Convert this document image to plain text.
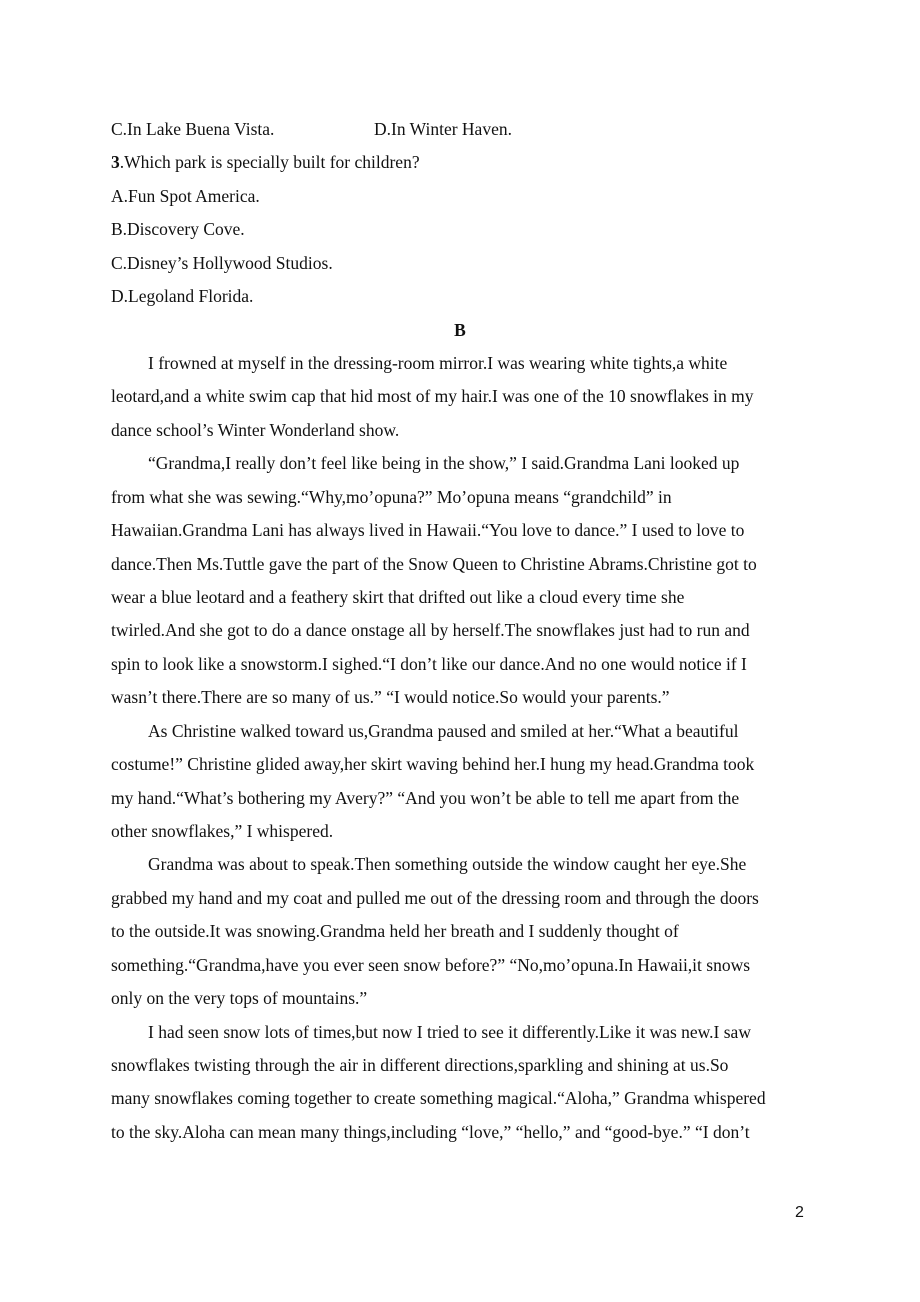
C.In Lake Buena Vista.	D.In Winter Haven.
3.Which park is specially built for children?
A.Fun Spot America.
B.Discovery Cove.
C.Disney’s Hollywood Studios.
D.Legoland Florida.
B
I frowned at myself in the dressing-room mirror.I was wearing white tights,a white
leotard,and a white swim cap that hid most of my hair.I was one of the 10 snowflakes in my
dance school’s Winter Wonderland show.
“Grandma,I really don’t feel like being in the show,” I said.Grandma Lani looked up
from what she was sewing.“Why,mo’opuna?” Mo’opuna means “grandchild” in
Hawaiian.Grandma Lani has always lived in Hawaii.“You love to dance.” I used to love to
dance.Then Ms.Tuttle gave the part of the Snow Queen to Christine Abrams.Christine got to
wear a blue leotard and a feathery skirt that drifted out like a cloud every time she
twirled.And she got to do a dance onstage all by herself.The snowflakes just had to run and
spin to look like a snowstorm.I sighed.“I don’t like our dance.And no one would notice if I
wasn’t there.There are so many of us.” “I would notice.So would your parents.”
As Christine walked toward us,Grandma paused and smiled at her.“What a beautiful
costume!” Christine glided away,her skirt waving behind her.I hung my head.Grandma took
my hand.“What’s bothering my Avery?” “And you won’t be able to tell me apart from the
other snowflakes,” I whispered.
Grandma was about to speak.Then something outside the window caught her eye.She
grabbed my hand and my coat and pulled me out of the dressing room and through the doors
to the outside.It was snowing.Grandma held her breath and I suddenly thought of
something.“Grandma,have you ever seen snow before?” “No,mo’opuna.In Hawaii,it snows
only on the very tops of mountains.”
I had seen snow lots of times,but now I tried to see it differently.Like it was new.I saw
snowflakes twisting through the air in different directions,sparkling and shining at us.So
many snowflakes coming together to create something magical.“Aloha,” Grandma whispered
to the sky.Aloha can mean many things,including “love,” “hello,” and “good-bye.” “I don’t
2
